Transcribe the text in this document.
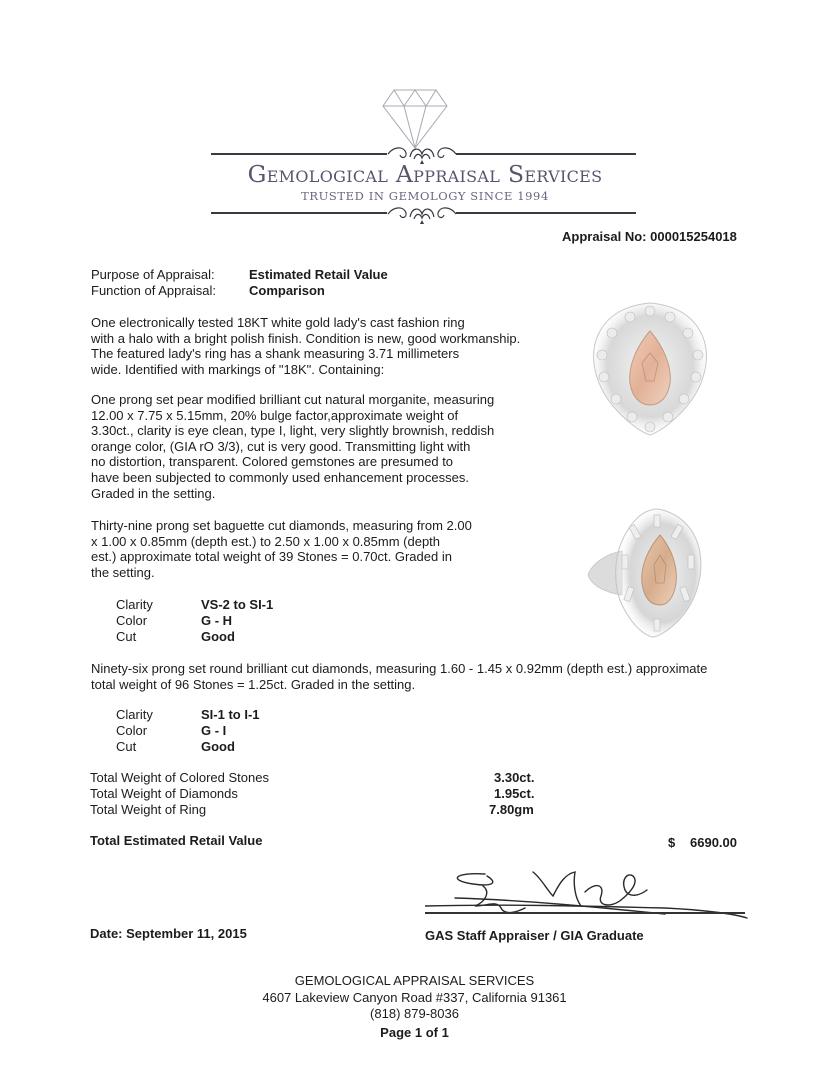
Gemological Appraisal Services
TRUSTED IN GEMOLOGY SINCE 1994
Appraisal No: 000015254018
Purpose of Appraisal:	Estimated Retail Value
Function of Appraisal:	Comparison
One electronically tested 18KT white gold lady's cast fashion ring
with a halo with a bright polish finish. Condition is new, good workmanship.
The featured lady's ring has a shank measuring 3.71 millimeters
wide. Identified with markings of "18K". Containing:
One prong set pear modified brilliant cut natural morganite, measuring
12.00 x 7.75 x 5.15mm, 20% bulge factor,approximate weight of
3.30ct., clarity is eye clean, type I, light, very slightly brownish, reddish
orange color, (GIA rO 3/3), cut is very good. Transmitting light with
no distortion, transparent. Colored gemstones are presumed to
have been subjected to commonly used enhancement processes.
Graded in the setting.
Thirty-nine prong set baguette cut diamonds, measuring from 2.00
x 1.00 x 0.85mm (depth est.) to 2.50 x 1.00 x 0.85mm (depth
est.) approximate total weight of 39 Stones = 0.70ct. Graded in
the setting.
Clarity	VS-2 to SI-1
Color	G - H
Cut	Good
Ninety-six prong set round brilliant cut diamonds, measuring 1.60 - 1.45 x 0.92mm (depth est.) approximate
total weight of 96 Stones = 1.25ct. Graded in the setting.
Clarity	SI-1 to I-1
Color	G - I
Cut	Good
Total Weight of Colored Stones	3.30ct.
Total Weight of Diamonds	1.95ct.
Total Weight of Ring	7.80gm
Total Estimated Retail Value	$ 6690.00
Date: September 11, 2015	GAS Staff Appraiser / GIA Graduate
GEMOLOGICAL APPRAISAL SERVICES
4607 Lakeview Canyon Road #337, California 91361
(818) 879-8036
Page 1 of 1
